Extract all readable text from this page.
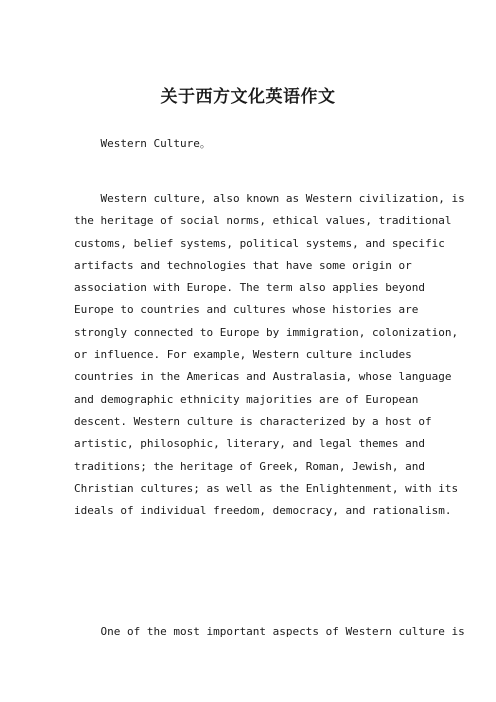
关于西方文化英语作文
Western Culture。
Western culture, also known as Western civilization, is
the heritage of social norms, ethical values, traditional
customs, belief systems, political systems, and specific
artifacts and technologies that have some origin or
association with Europe. The term also applies beyond
Europe to countries and cultures whose histories are
strongly connected to Europe by immigration, colonization,
or influence. For example, Western culture includes
countries in the Americas and Australasia, whose language
and demographic ethnicity majorities are of European
descent. Western culture is characterized by a host of
artistic, philosophic, literary, and legal themes and
traditions; the heritage of Greek, Roman, Jewish, and
Christian cultures; as well as the Enlightenment, with its
ideals of individual freedom, democracy, and rationalism.
One of the most important aspects of Western culture is
